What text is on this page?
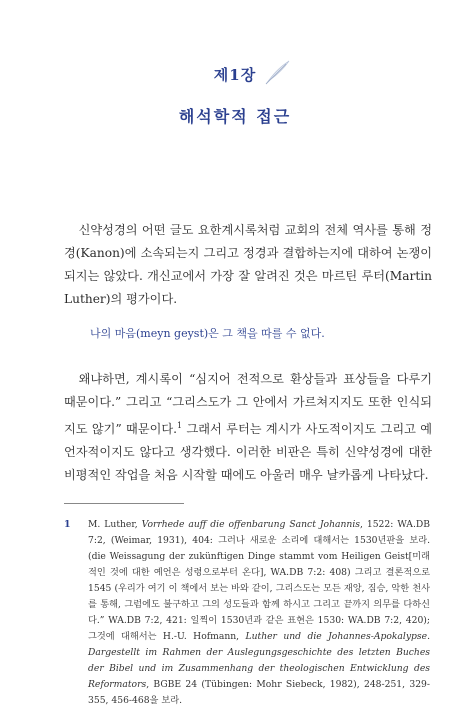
제1장
해석학적 접근
신약성경의 어떤 글도 요한계시록처럼 교회의 전체 역사를 통해 정경(Kanon)에 소속되는지 그리고 정경과 결합하는지에 대하여 논쟁이 되지는 않았다. 개신교에서 가장 잘 알려진 것은 마르틴 루터(Martin Luther)의 평가이다.
나의 마음(meyn geyst)은 그 책을 따를 수 없다.
왜냐하면, 계시록이 “심지어 전적으로 환상들과 표상들을 다루기 때문이다.” 그리고 “그리스도가 그 안에서 가르쳐지지도 또한 인식되지도 않기” 때문이다.$^1$ 그래서 루터는 계시가 사도적이지도 그리고 예언자적이지도 않다고 생각했다. 이러한 비판은 특히 신약성경에 대한 비평적인 작업을 처음 시작할 때에도 아울러 매우 날카롭게 나타났다.
1 M. Luther, Vorrhede auff die offenbarung Sanct Johannis, 1522: WA.DB 7:2, (Weimar, 1931), 404: 그러나 새로운 소리에 대해서는 1530년판을 보라. (die Weissagung der zukünftigen Dinge stammt vom Heiligen Geist[미래적인 것에 대한 예언은 성령으로부터 온다], WA.DB 7:2: 408) 그리고 결론적으로 1545 (우리가 여기 이 책에서 보는 바와 같이, 그리스도는 모든 재앙, 짐승, 악한 천사를 통해, 그럼에도 불구하고 그의 성도들과 함께 하시고 그리고 끝까지 의무를 다하신다.” WA.DB 7:2, 421: 일찍이 1530년과 같은 표현은 1530: WA.DB 7:2, 420); 그것에 대해서는 H.-U. Hofmann, Luther und die Johannes-Apokalypse. Dargestellt im Rahmen der Auslegungsgeschichte des letzten Buches der Bibel und im Zusammenhang der theologischen Entwicklung des Reformators, BGBE 24 (Tübingen: Mohr Siebeck, 1982), 248-251, 329-355, 456-468을 보라.
